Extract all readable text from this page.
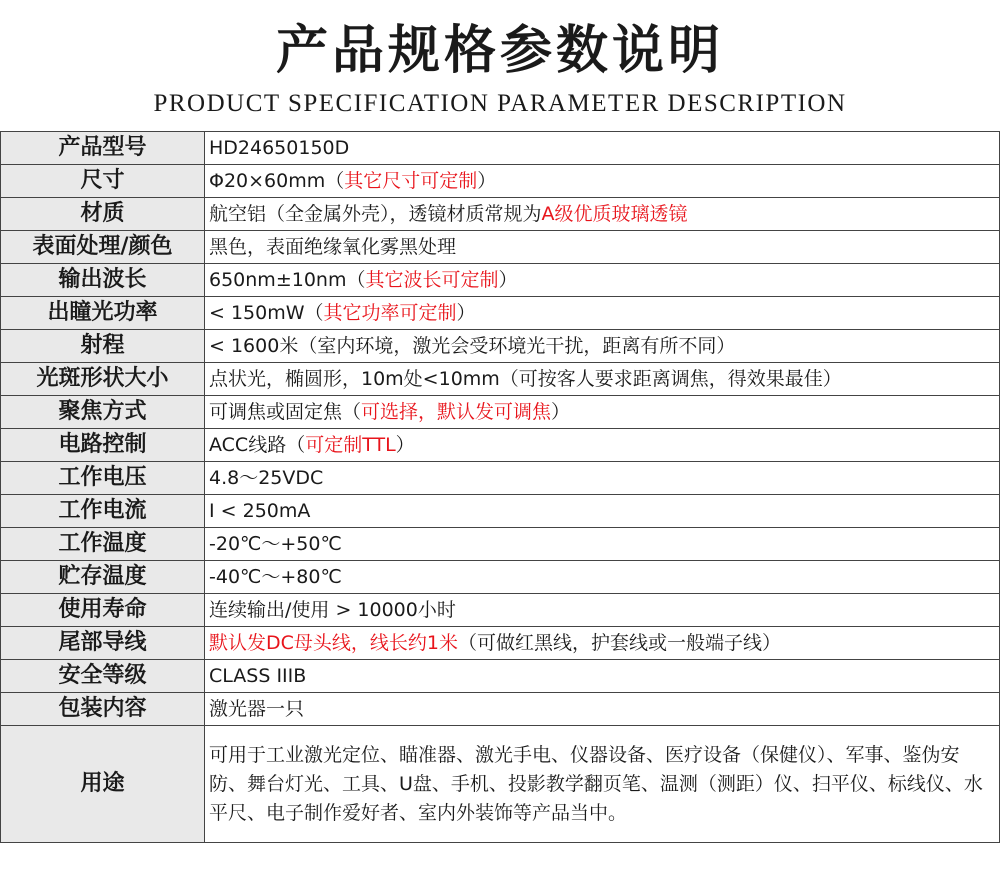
产品规格参数说明
PRODUCT SPECIFICATION PARAMETER DESCRIPTION
产品型号	HD24650150D
尺寸	Φ20×60mm（其它尺寸可定制）
材质	航空铝（全金属外壳），透镜材质常规为A级优质玻璃透镜
表面处理/颜色	黑色，表面绝缘氧化雾黑处理
输出波长	650nm±10nm（其它波长可定制）
出瞳光功率	< 150mW（其它功率可定制）
射程	< 1600米（室内环境，激光会受环境光干扰，距离有所不同）
光斑形状大小	点状光，椭圆形，10m处<10mm（可按客人要求距离调焦，得效果最佳）
聚焦方式	可调焦或固定焦（可选择，默认发可调焦）
电路控制	ACC线路（可定制TTL）
工作电压	4.8～25VDC
工作电流	I < 250mA
工作温度	-20℃～+50℃
贮存温度	-40℃～+80℃
使用寿命	连续输出/使用 > 10000小时
尾部导线	默认发DC母头线，线长约1米（可做红黑线，护套线或一般端子线）
安全等级	CLASS IIIB
包装内容	激光器一只
用途	可用于工业激光定位、瞄准器、激光手电、仪器设备、医疗设备（保健仪）、军事、鉴伪安防、舞台灯光、工具、U盘、手机、投影教学翻页笔、温测（测距）仪、扫平仪、标线仪、水平尺、电子制作爱好者、室内外装饰等产品当中。
